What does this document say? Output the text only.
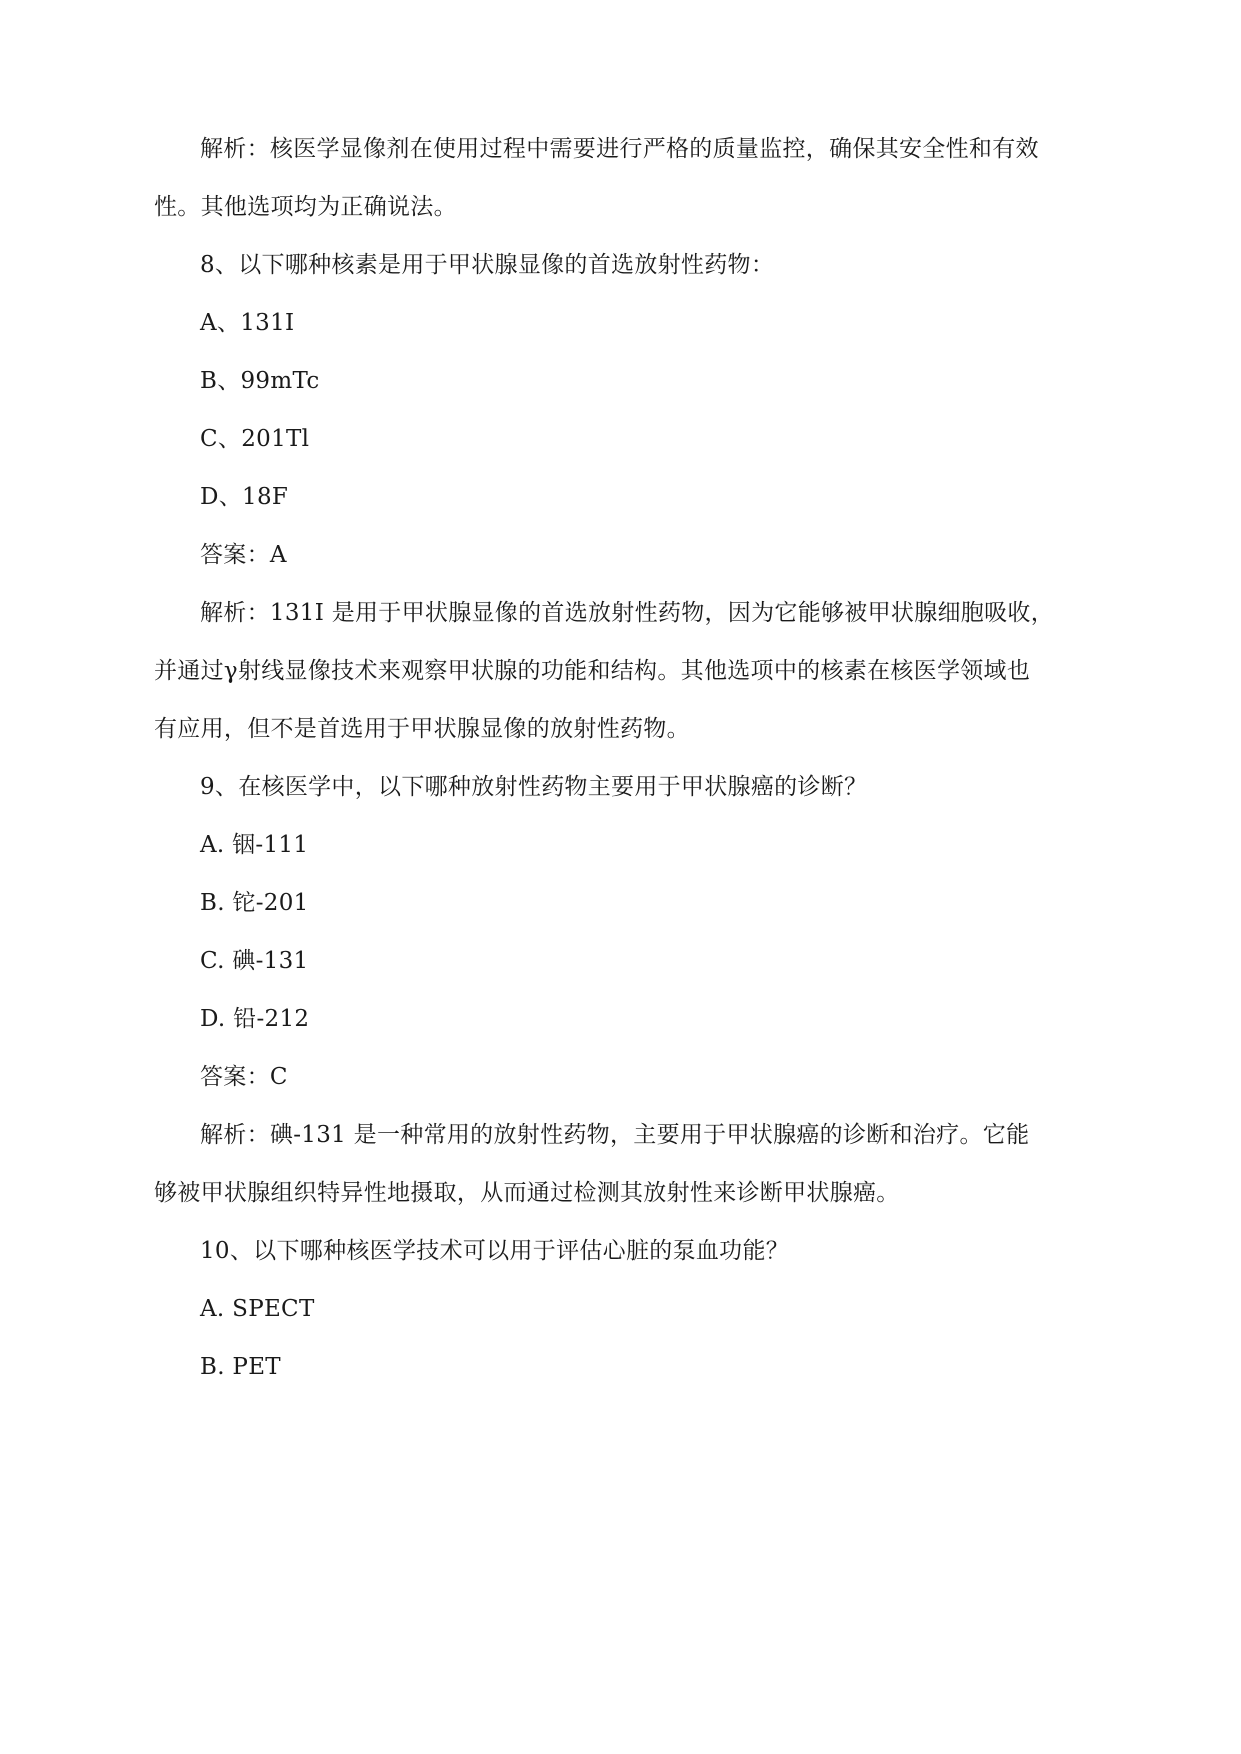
解析：核医学显像剂在使用过程中需要进行严格的质量监控，确保其安全性和有效
性。其他选项均为正确说法。
8、以下哪种核素是用于甲状腺显像的首选放射性药物：
A、131I
B、99mTc
C、201Tl
D、18F
答案：A
解析：131I 是用于甲状腺显像的首选放射性药物，因为它能够被甲状腺细胞吸收，
并通过γ射线显像技术来观察甲状腺的功能和结构。其他选项中的核素在核医学领域也
有应用，但不是首选用于甲状腺显像的放射性药物。
9、在核医学中，以下哪种放射性药物主要用于甲状腺癌的诊断？
A. 铟-111
B. 铊-201
C. 碘-131
D. 铅-212
答案：C
解析：碘-131 是一种常用的放射性药物，主要用于甲状腺癌的诊断和治疗。它能
够被甲状腺组织特异性地摄取，从而通过检测其放射性来诊断甲状腺癌。
10、以下哪种核医学技术可以用于评估心脏的泵血功能？
A. SPECT
B. PET
